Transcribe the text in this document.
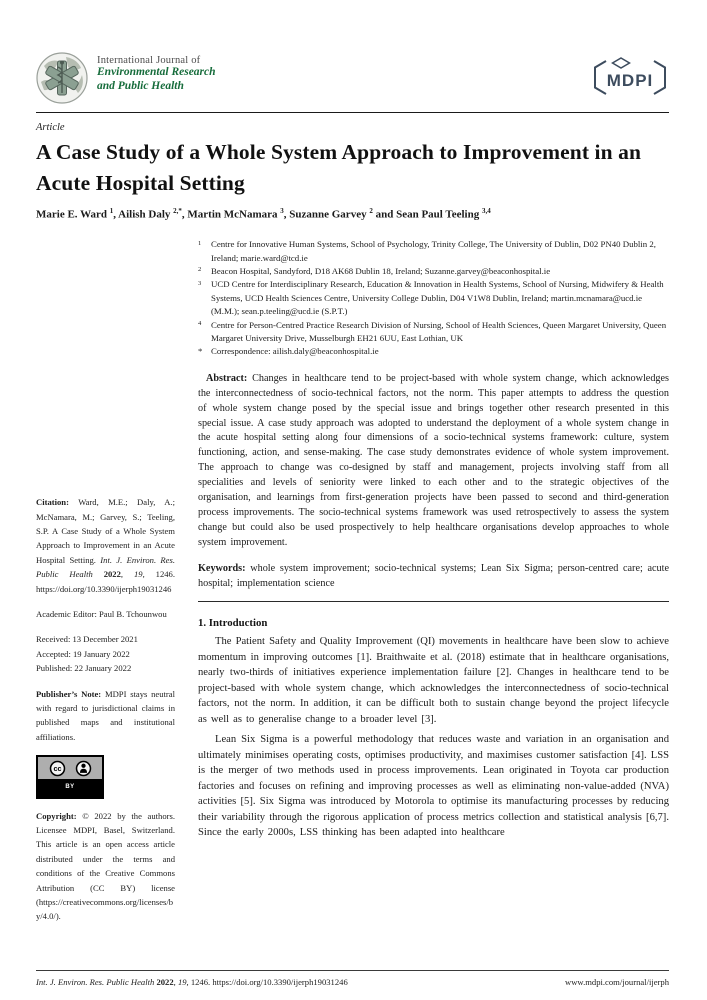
International Journal of
Environmental Research
and Public Health	MDPI
Article
A Case Study of a Whole System Approach to Improvement in an Acute Hospital Setting
Marie E. Ward $^1$, Ailish Daly $^{2,*}$, Martin McNamara $^3$, Suzanne Garvey $^2$ and Sean Paul Teeling $^{3,4}$

Citation: Ward, M.E.; Daly, A.; McNamara, M.; Garvey, S.; Teeling, S.P. A Case Study of a Whole System Approach to Improvement in an Acute Hospital Setting. Int. J. Environ. Res. Public Health 2022, 19, 1246. https://doi.org/10.3390/ijerph19031246

Academic Editor: Paul B. Tchounwou

Received: 13 December 2021

Accepted: 19 January 2022

Published: 22 January 2022

Publisher’s Note: MDPI stays neutral with regard to jurisdictional claims in published maps and institutional affiliations.

cc
BY

Copyright: © 2022 by the authors. Licensee MDPI, Basel, Switzerland. This article is an open access article distributed under the terms and conditions of the Creative Commons Attribution (CC BY) license (https://creativecommons.org/licenses/by/4.0/).

1	Centre for Innovative Human Systems, School of Psychology, Trinity College, The University of Dublin, D02 PN40 Dublin 2, Ireland; marie.ward@tcd.ie
2	Beacon Hospital, Sandyford, D18 AK68 Dublin 18, Ireland; Suzanne.garvey@beaconhospital.ie
3	UCD Centre for Interdisciplinary Research, Education & Innovation in Health Systems, School of Nursing, Midwifery & Health Systems, UCD Health Sciences Centre, University College Dublin, D04 V1W8 Dublin, Ireland; martin.mcnamara@ucd.ie (M.M.); sean.p.teeling@ucd.ie (S.P.T.)
4	Centre for Person-Centred Practice Research Division of Nursing, School of Health Sciences, Queen Margaret University, Queen Margaret University Drive, Musselburgh EH21 6UU, East Lothian, UK
* Correspondence: ailish.daly@beaconhospital.ie

Abstract: Changes in healthcare tend to be project-based with whole system change, which acknowledges the interconnectedness of socio-technical factors, not the norm. This paper attempts to address the question of whole system change posed by the special issue and brings together other research presented in this special issue. A case study approach was adopted to understand the deployment of a whole system change in the acute hospital setting along four dimensions of a socio-technical systems framework: culture, system functioning, action, and sense-making. The case study demonstrates evidence of whole system improvement. The approach to change was co-designed by staff and management, projects involving staff from all specialities and levels of seniority were linked to each other and to the strategic objectives of the organisation, and learnings from first-generation projects have been passed to second and third-generation process improvements. The socio-technical systems framework was used retrospectively to assess the system change but could also be used prospectively to help healthcare organisations develop approaches to whole system improvement.

Keywords: whole system improvement; socio-technical systems; Lean Six Sigma; person-centred care; acute hospital; implementation science

1. Introduction

The Patient Safety and Quality Improvement (QI) movements in healthcare have been slow to achieve momentum in improving outcomes [1]. Braithwaite et al. (2018) estimate that in healthcare organisations, nearly two-thirds of initiatives experience implementation failure [2]. Changes in healthcare tend to be project-based with whole system change, which acknowledges the interconnectedness of socio-technical factors, not the norm. In addition, it can be difficult both to sustain change beyond the project lifecycle as well as to generalise change to a broader level [3].

Lean Six Sigma is a powerful methodology that reduces waste and variation in an organisation and ultimately minimises operating costs, optimises productivity, and maximises customer satisfaction [4]. LSS is the merger of two methods used in process improvements. Lean originated in Toyota car production factories and focuses on refining and improving processes as well as eliminating non-value-added (NVA) activities [5]. Six Sigma was introduced by Motorola to optimise its manufacturing processes by reducing their variability through the rigorous application of process metrics collection and statistical analysis [6,7]. Since the early 2000s, LSS thinking has been adapted into healthcare

Int. J. Environ. Res. Public Health 2022, 19, 1246. https://doi.org/10.3390/ijerph19031246	www.mdpi.com/journal/ijerph
